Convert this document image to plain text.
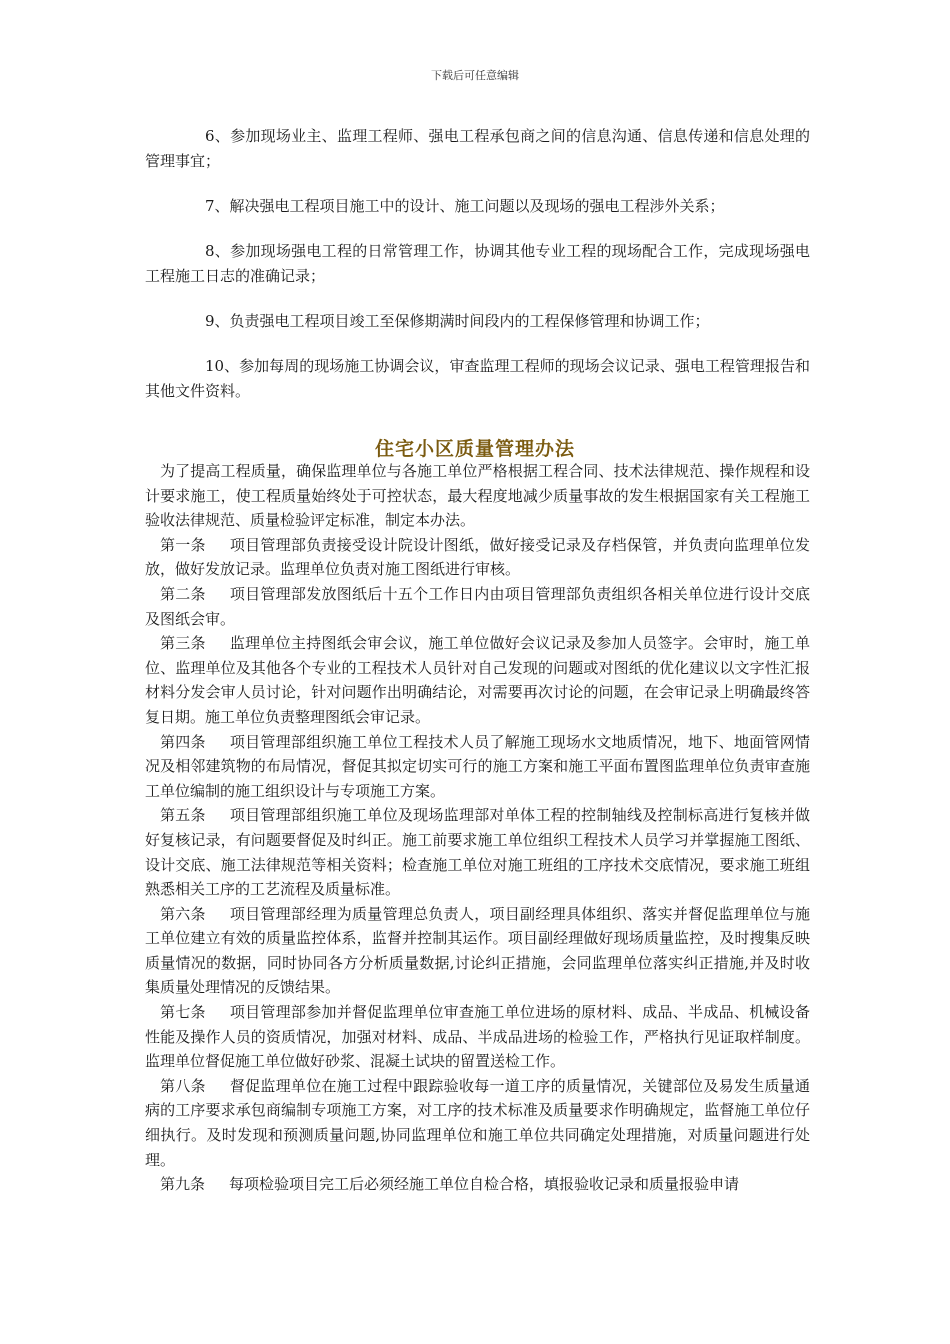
下载后可任意编辑

6、参加现场业主、监理工程师、强电工程承包商之间的信息沟通、信息传递和信息处理的管理事宜；

7、解决强电工程项目施工中的设计、施工问题以及现场的强电工程涉外关系；

8、参加现场强电工程的日常管理工作，协调其他专业工程的现场配合工作，完成现场强电工程施工日志的准确记录；

9、负责强电工程项目竣工至保修期满时间段内的工程保修管理和协调工作；

10、参加每周的现场施工协调会议，审查监理工程师的现场会议记录、强电工程管理报告和其他文件资料。

住宅小区质量管理办法

为了提高工程质量，确保监理单位与各施工单位严格根据工程合同、技术法律规范、操作规程和设计要求施工，使工程质量始终处于可控状态，最大程度地减少质量事故的发生根据国家有关工程施工验收法律规范、质量检验评定标准，制定本办法。

第一条 项目管理部负责接受设计院设计图纸，做好接受记录及存档保管，并负责向监理单位发放，做好发放记录。监理单位负责对施工图纸进行审核。

第二条 项目管理部发放图纸后十五个工作日内由项目管理部负责组织各相关单位进行设计交底及图纸会审。

第三条 监理单位主持图纸会审会议，施工单位做好会议记录及参加人员签字。会审时，施工单位、监理单位及其他各个专业的工程技术人员针对自己发现的问题或对图纸的优化建议以文字性汇报材料分发会审人员讨论，针对问题作出明确结论，对需要再次讨论的问题，在会审记录上明确最终答复日期。施工单位负责整理图纸会审记录。

第四条 项目管理部组织施工单位工程技术人员了解施工现场水文地质情况，地下、地面管网情况及相邻建筑物的布局情况，督促其拟定切实可行的施工方案和施工平面布置图监理单位负责审查施工单位编制的施工组织设计与专项施工方案。

第五条 项目管理部组织施工单位及现场监理部对单体工程的控制轴线及控制标高进行复核并做好复核记录，有问题要督促及时纠正。施工前要求施工单位组织工程技术人员学习并掌握施工图纸、设计交底、施工法律规范等相关资料；检查施工单位对施工班组的工序技术交底情况，要求施工班组熟悉相关工序的工艺流程及质量标准。

第六条 项目管理部经理为质量管理总负责人，项目副经理具体组织、落实并督促监理单位与施工单位建立有效的质量监控体系，监督并控制其运作。项目副经理做好现场质量监控，及时搜集反映质量情况的数据，同时协同各方分析质量数据,讨论纠正措施，会同监理单位落实纠正措施,并及时收集质量处理情况的反馈结果。

第七条 项目管理部参加并督促监理单位审查施工单位进场的原材料、成品、半成品、机械设备性能及操作人员的资质情况，加强对材料、成品、半成品进场的检验工作，严格执行见证取样制度。监理单位督促施工单位做好砂浆、混凝土试块的留置送检工作。

第八条 督促监理单位在施工过程中跟踪验收每一道工序的质量情况，关键部位及易发生质量通病的工序要求承包商编制专项施工方案，对工序的技术标准及质量要求作明确规定，监督施工单位仔细执行。及时发现和预测质量问题,协同监理单位和施工单位共同确定处理措施，对质量问题进行处理。

第九条 每项检验项目完工后必须经施工单位自检合格，填报验收记录和质量报验申请
